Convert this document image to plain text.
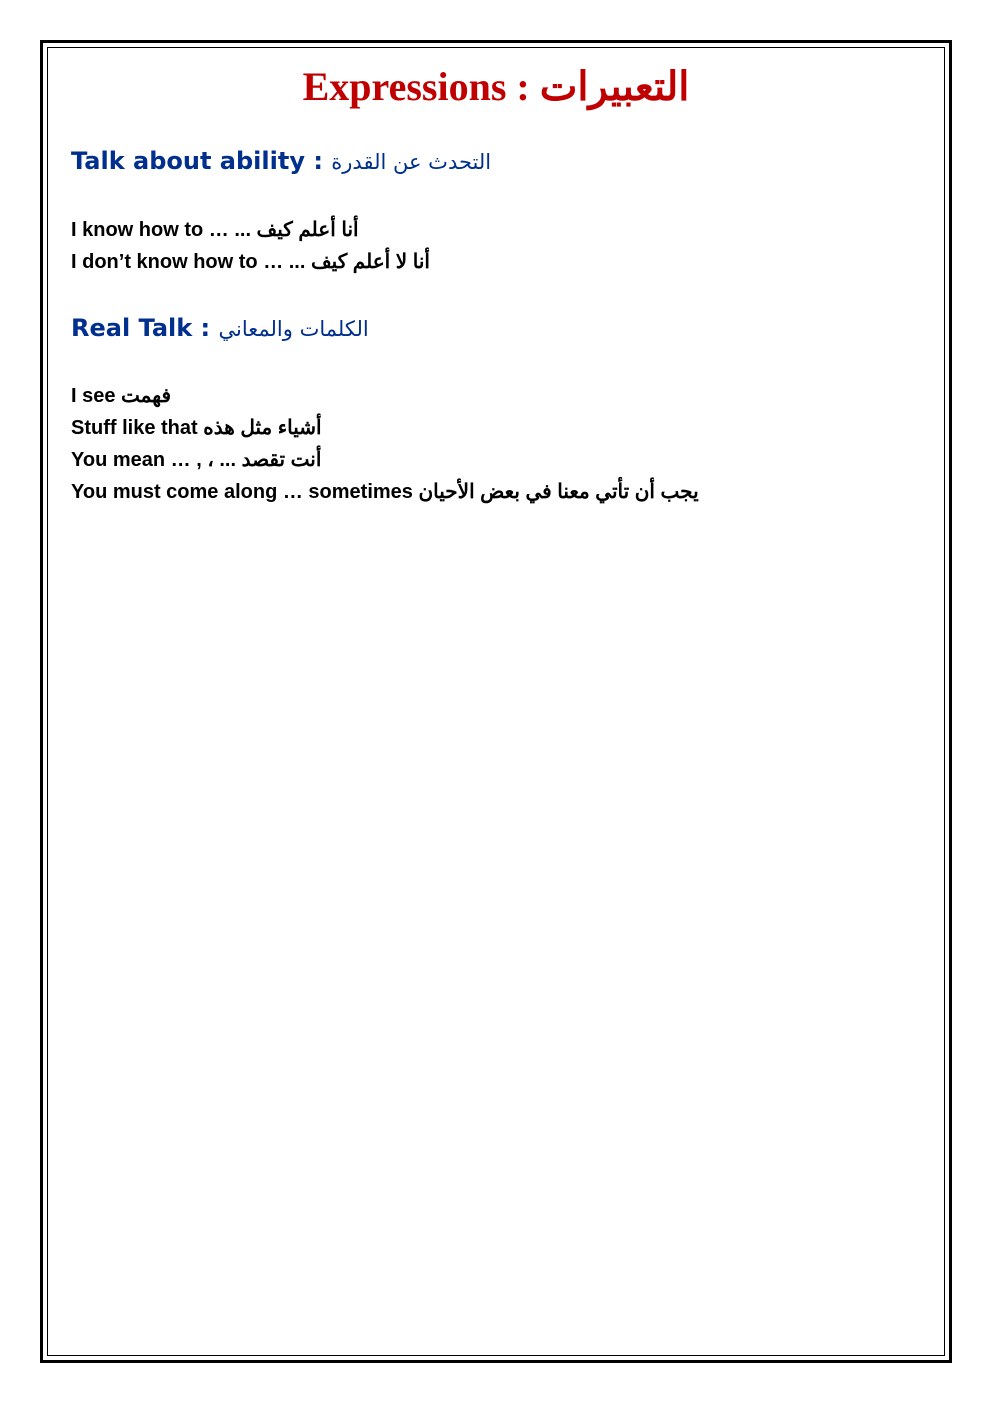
Expressions : التعبيرات
Talk about ability : التحدث عن القدرة
I know how to … أنا أعلم كيف ...
I don’t know how to … أنا لا أعلم كيف ...
Real Talk : الكلمات والمعاني
I see فهمت
Stuff like that أشياء مثل هذه
You mean … , أنت تقصد ... ،
You must come along … sometimes يجب أن تأتي معنا في بعض الأحيان
